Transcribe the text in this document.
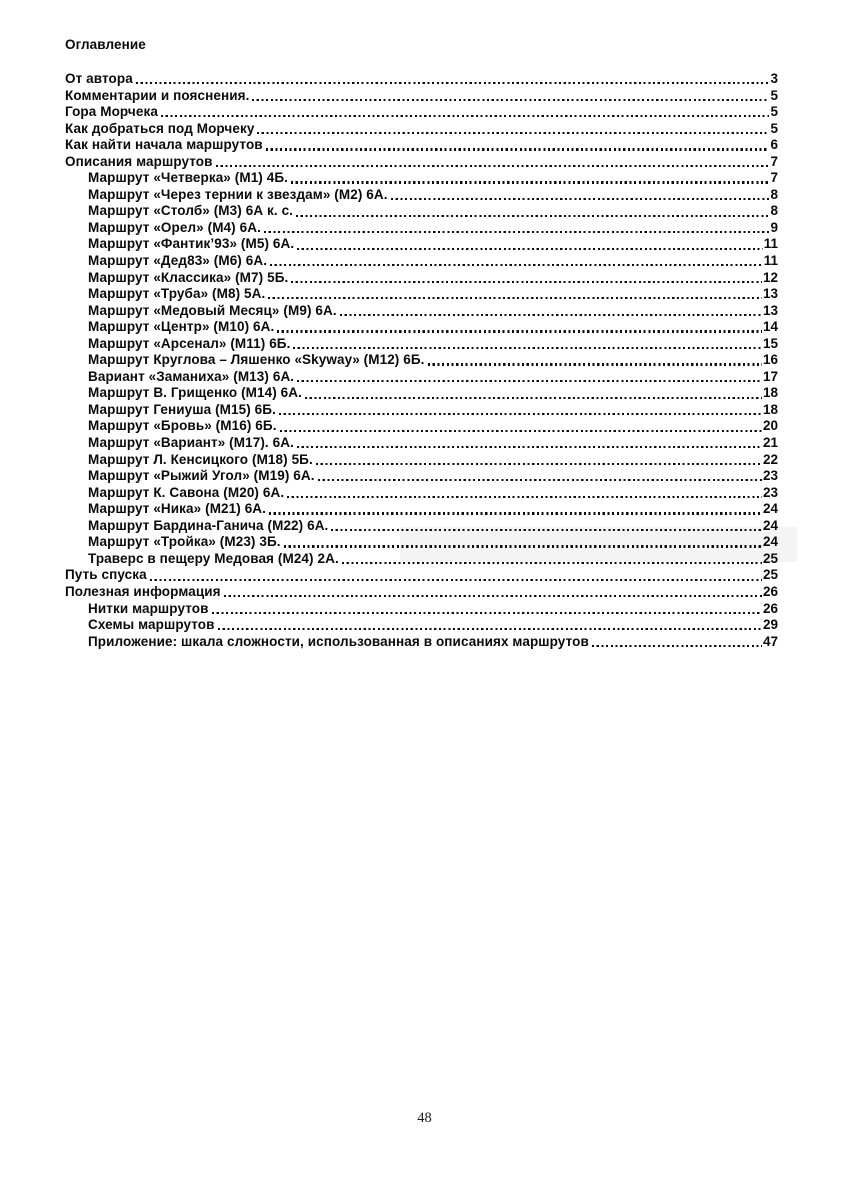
Оглавление
От автора	3
Комментарии и пояснения.	5
Гора Морчека	5
Как добраться под Морчеку	5
Как найти начала маршрутов	6
Описания маршрутов	7
Маршрут «Четверка» (М1) 4Б.	7
Маршрут «Через тернии к звездам» (М2) 6А.	8
Маршрут «Столб» (М3) 6А к. с.	8
Маршрут «Орел» (М4) 6А.	9
Маршрут «Фантик’93» (М5) 6А.	11
Маршрут «Дед83» (М6) 6А.	11
Маршрут «Классика» (М7) 5Б.	12
Маршрут «Труба» (М8) 5А.	13
Маршрут «Медовый Месяц» (М9) 6А.	13
Маршрут «Центр» (М10) 6А.	14
Маршрут «Арсенал» (М11) 6Б.	15
Маршрут Круглова – Ляшенко «Skyway» (М12) 6Б.	16
Вариант «Заманиха» (М13) 6А.	17
Маршрут В. Грищенко (М14) 6А.	18
Маршрут Гениуша (М15) 6Б.	18
Маршрут «Бровь» (М16) 6Б.	20
Маршрут «Вариант» (М17). 6А.	21
Маршрут Л. Кенсицкого (М18) 5Б.	22
Маршрут «Рыжий Угол» (М19) 6А.	23
Маршрут К. Савона (М20) 6А.	23
Маршрут «Ника» (М21) 6А.	24
Маршрут Бардина-Ганича (М22) 6А.	24
Маршрут «Тройка» (М23) 3Б.	24
Траверс в пещеру Медовая (М24) 2А.	25
Путь спуска	25
Полезная информация	26
Нитки маршрутов	26
Схемы маршрутов	29
Приложение: шкала сложности, использованная в описаниях маршрутов	47
48
